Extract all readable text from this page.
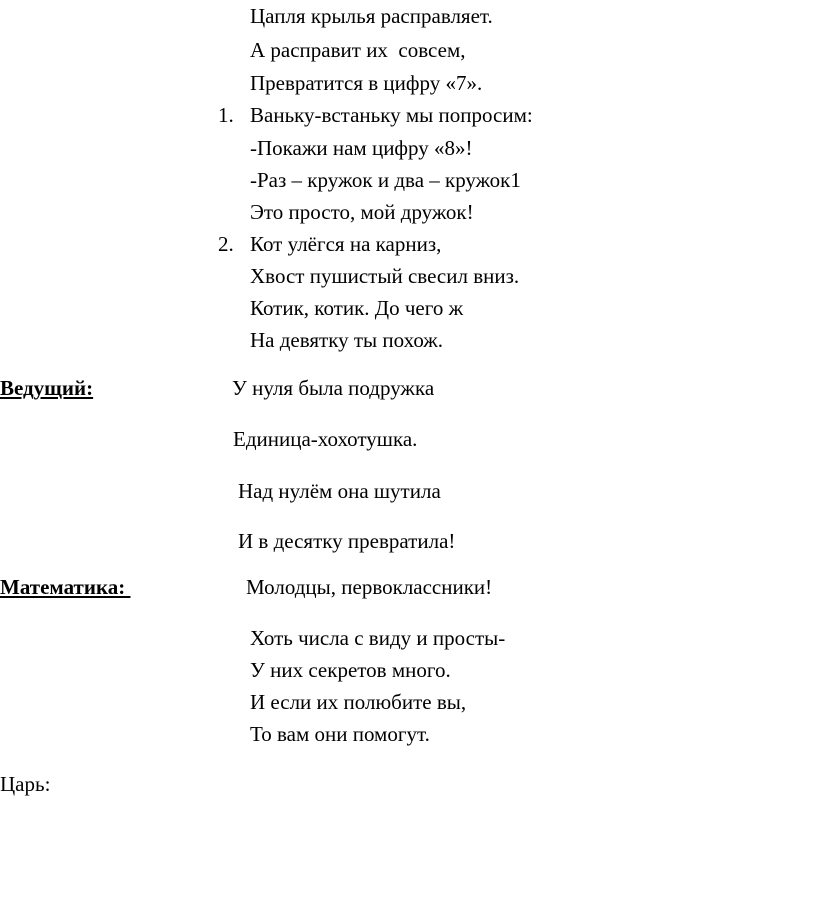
Цапля крылья расправляет.
А расправит их  совсем,
Превратится в цифру «7».
1. Ваньку-встаньку мы попросим:
-Покажи нам цифру «8»!
-Раз – кружок и два – кружок1
Это просто, мой дружок!
2. Кот улёгся на карниз,
Хвост пушистый свесил вниз.
Котик, котик. До чего ж
На девятку ты похож.
Ведущий:	У нуля была подружка
Единица-хохотушка.
Над нулём она шутила
И в десятку превратила!
Математика:	Молодцы, первоклассники!
Хоть числа с виду и просты-
У них секретов много.
И если их полюбите вы,
То вам они помогут.
Царь:
